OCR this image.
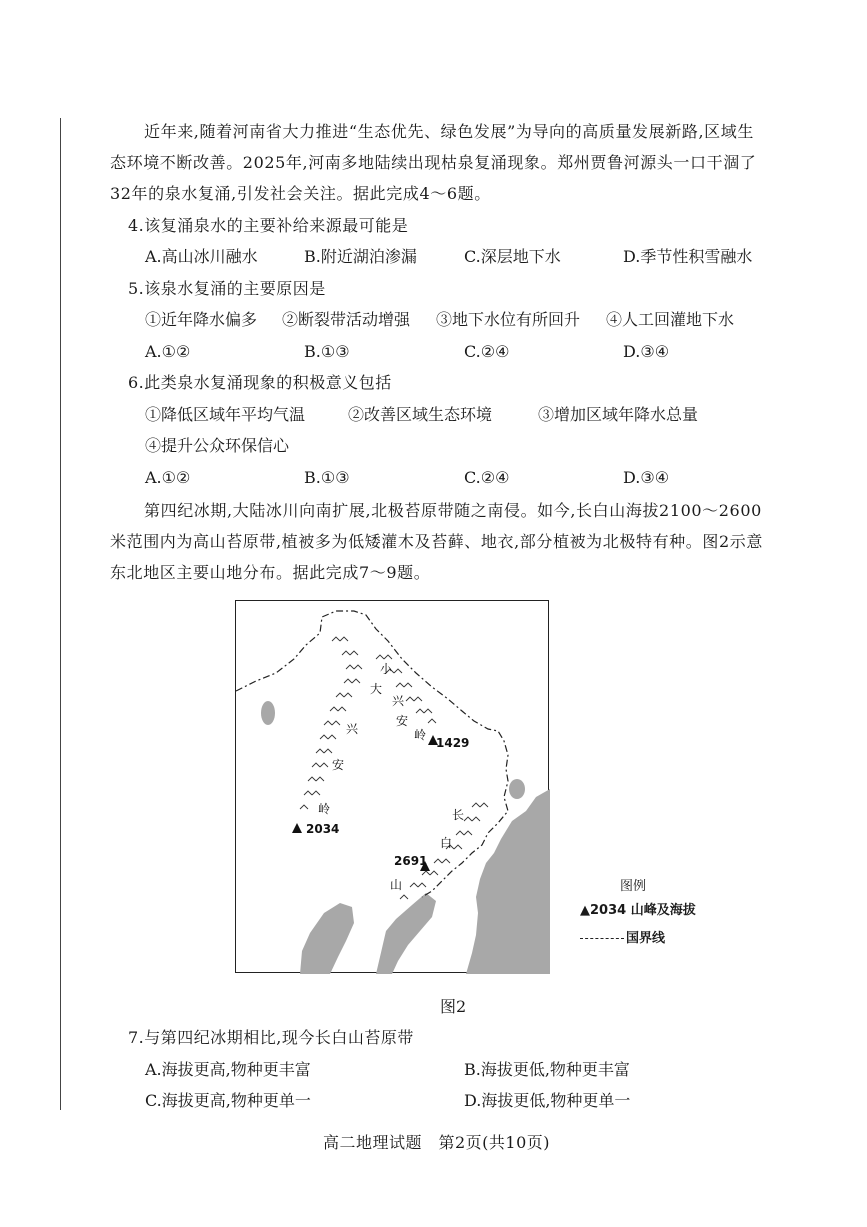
近年来,随着河南省大力推进“生态优先、绿色发展”为导向的高质量发展新路,区域生态环境不断改善。2025年,河南多地陆续出现枯泉复涌现象。郑州贾鲁河源头一口干涸了32年的泉水复涌,引发社会关注。据此完成4～6题。
4.该复涌泉水的主要补给来源最可能是
A.高山冰川融水	B.附近湖泊渗漏	C.深层地下水	D.季节性积雪融水
5.该泉水复涌的主要原因是
①近年降水偏多 ②断裂带活动增强 ③地下水位有所回升 ④人工回灌地下水
A.①②	B.①③	C.②④	D.③④
6.此类泉水复涌现象的积极意义包括
①降低区域年平均气温	②改善区域生态环境	③增加区域年降水总量
④提升公众环保信心
A.①②	B.①③	C.②④	D.③④
第四纪冰期,大陆冰川向南扩展,北极苔原带随之南侵。如今,长白山海拔2100～2600米范围内为高山苔原带,植被多为低矮灌木及苔藓、地衣,部分植被为北极特有种。图2示意东北地区主要山地分布。据此完成7～9题。
大
兴
安
岭
小
兴
安
岭
长
白
山
1429
2034
2691
图例
▲2034 山峰及海拔
国界线
图2
7.与第四纪冰期相比,现今长白山苔原带
A.海拔更高,物种更丰富	B.海拔更低,物种更丰富
C.海拔更高,物种更单一	D.海拔更低,物种更单一
高二地理试题　第2页(共10页)
